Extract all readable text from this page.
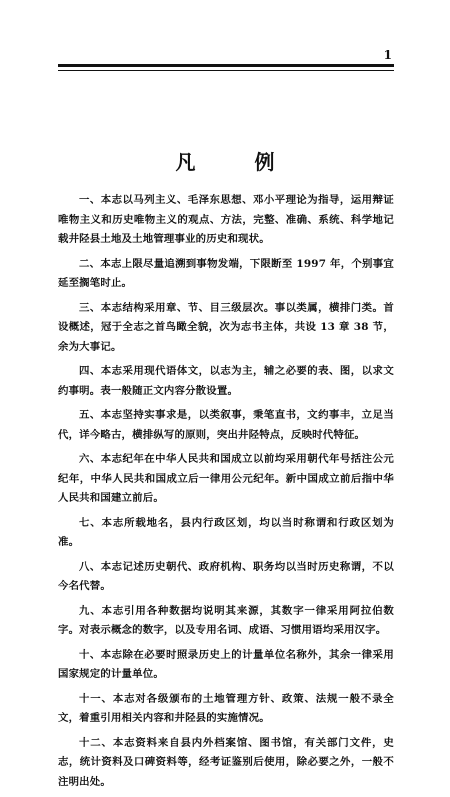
1
凡 例

一、本志以马列主义、毛泽东思想、邓小平理论为指导，运用辩证唯物主义和历史唯物主义的观点、方法，完整、准确、系统、科学地记载井陉县土地及土地管理事业的历史和现状。

二、本志上限尽量追溯到事物发端，下限断至 1997 年，个别事宜延至搁笔时止。

三、本志结构采用章、节、目三级层次。事以类属，横排门类。首设概述，冠于全志之首鸟瞰全貌，次为志书主体，共设 13 章 38 节，余为大事记。

四、本志采用现代语体文，以志为主，辅之必要的表、图，以求文约事明。表一般随正文内容分散设置。

五、本志坚持实事求是，以类叙事，秉笔直书，文约事丰，立足当代，详今略古，横排纵写的原则，突出井陉特点，反映时代特征。

六、本志纪年在中华人民共和国成立以前均采用朝代年号括注公元纪年，中华人民共和国成立后一律用公元纪年。新中国成立前后指中华人民共和国建立前后。

七、本志所载地名，县内行政区划，均以当时称谓和行政区划为准。

八、本志记述历史朝代、政府机构、职务均以当时历史称谓，不以今名代替。

九、本志引用各种数据均说明其来源，其数字一律采用阿拉伯数字。对表示概念的数字，以及专用名词、成语、习惯用语均采用汉字。

十、本志除在必要时照录历史上的计量单位名称外，其余一律采用国家规定的计量单位。

十一、本志对各级颁布的土地管理方针、政策、法规一般不录全文，着重引用相关内容和井陉县的实施情况。

十二、本志资料来自县内外档案馆、图书馆，有关部门文件，史志，统计资料及口碑资料等，经考证鉴别后使用，除必要之外，一般不注明出处。
